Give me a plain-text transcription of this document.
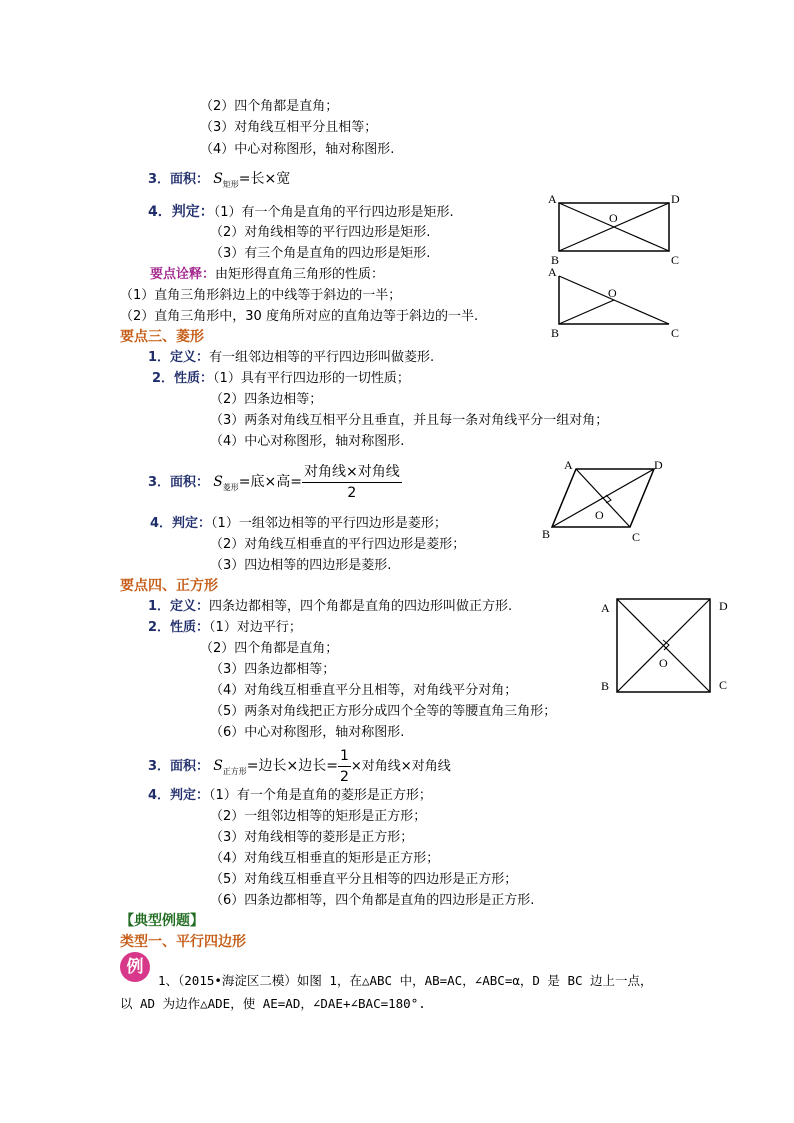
（2）四个角都是直角；
（3）对角线互相平分且相等；
（4）中心对称图形，轴对称图形.
3．面积： $S_{矩形}=$长×宽
4．判定：（1）有一个角是直角的平行四边形是矩形.
（2）对角线相等的平行四边形是矩形.
（3）有三个角是直角的四边形是矩形.
要点诠释：由矩形得直角三角形的性质：
（1）直角三角形斜边上的中线等于斜边的一半；
（2）直角三角形中，30 度角所对应的直角边等于斜边的一半.
要点三、菱形
1．定义：有一组邻边相等的平行四边形叫做菱形.
2．性质：（1）具有平行四边形的一切性质；
（2）四条边相等；
（3）两条对角线互相平分且垂直，并且每一条对角线平分一组对角；
（4）中心对称图形，轴对称图形.
3．面积： $S_{菱形}=$底×高= $\frac{\text{对角线×对角线}}{2}$
4．判定：（1）一组邻边相等的平行四边形是菱形；
（2）对角线互相垂直的平行四边形是菱形；
（3）四边相等的四边形是菱形.
要点四、正方形
1．定义：四条边都相等，四个角都是直角的四边形叫做正方形.
2．性质：（1）对边平行；
（2）四个角都是直角；
（3）四条边都相等；
（4）对角线互相垂直平分且相等，对角线平分对角；
（5）两条对角线把正方形分成四个全等的等腰直角三角形；
（6）中心对称图形，轴对称图形.
3．面积： $S_{正方形}=$边长×边长= $\frac{1}{2}$ ×对角线×对角线
4．判定：（1）有一个角是直角的菱形是正方形；
（2）一组邻边相等的矩形是正方形；
（3）对角线相等的菱形是正方形；
（4）对角线互相垂直的矩形是正方形；
（5）对角线互相垂直平分且相等的四边形是正方形；
（6）四条边都相等，四个角都是直角的四边形是正方形.
【典型例题】
类型一、平行四边形
例
1、（2015•海淀区二模）如图 1，在△ABC 中，AB=AC，∠ABC=α，D 是 BC 边上一点，
以 AD 为边作△ADE，使 AE=AD，∠DAE+∠BAC=180°.
A	D
O
B	C
A
O
B	C
A	D
O
B	C
A	D
O
B	C
